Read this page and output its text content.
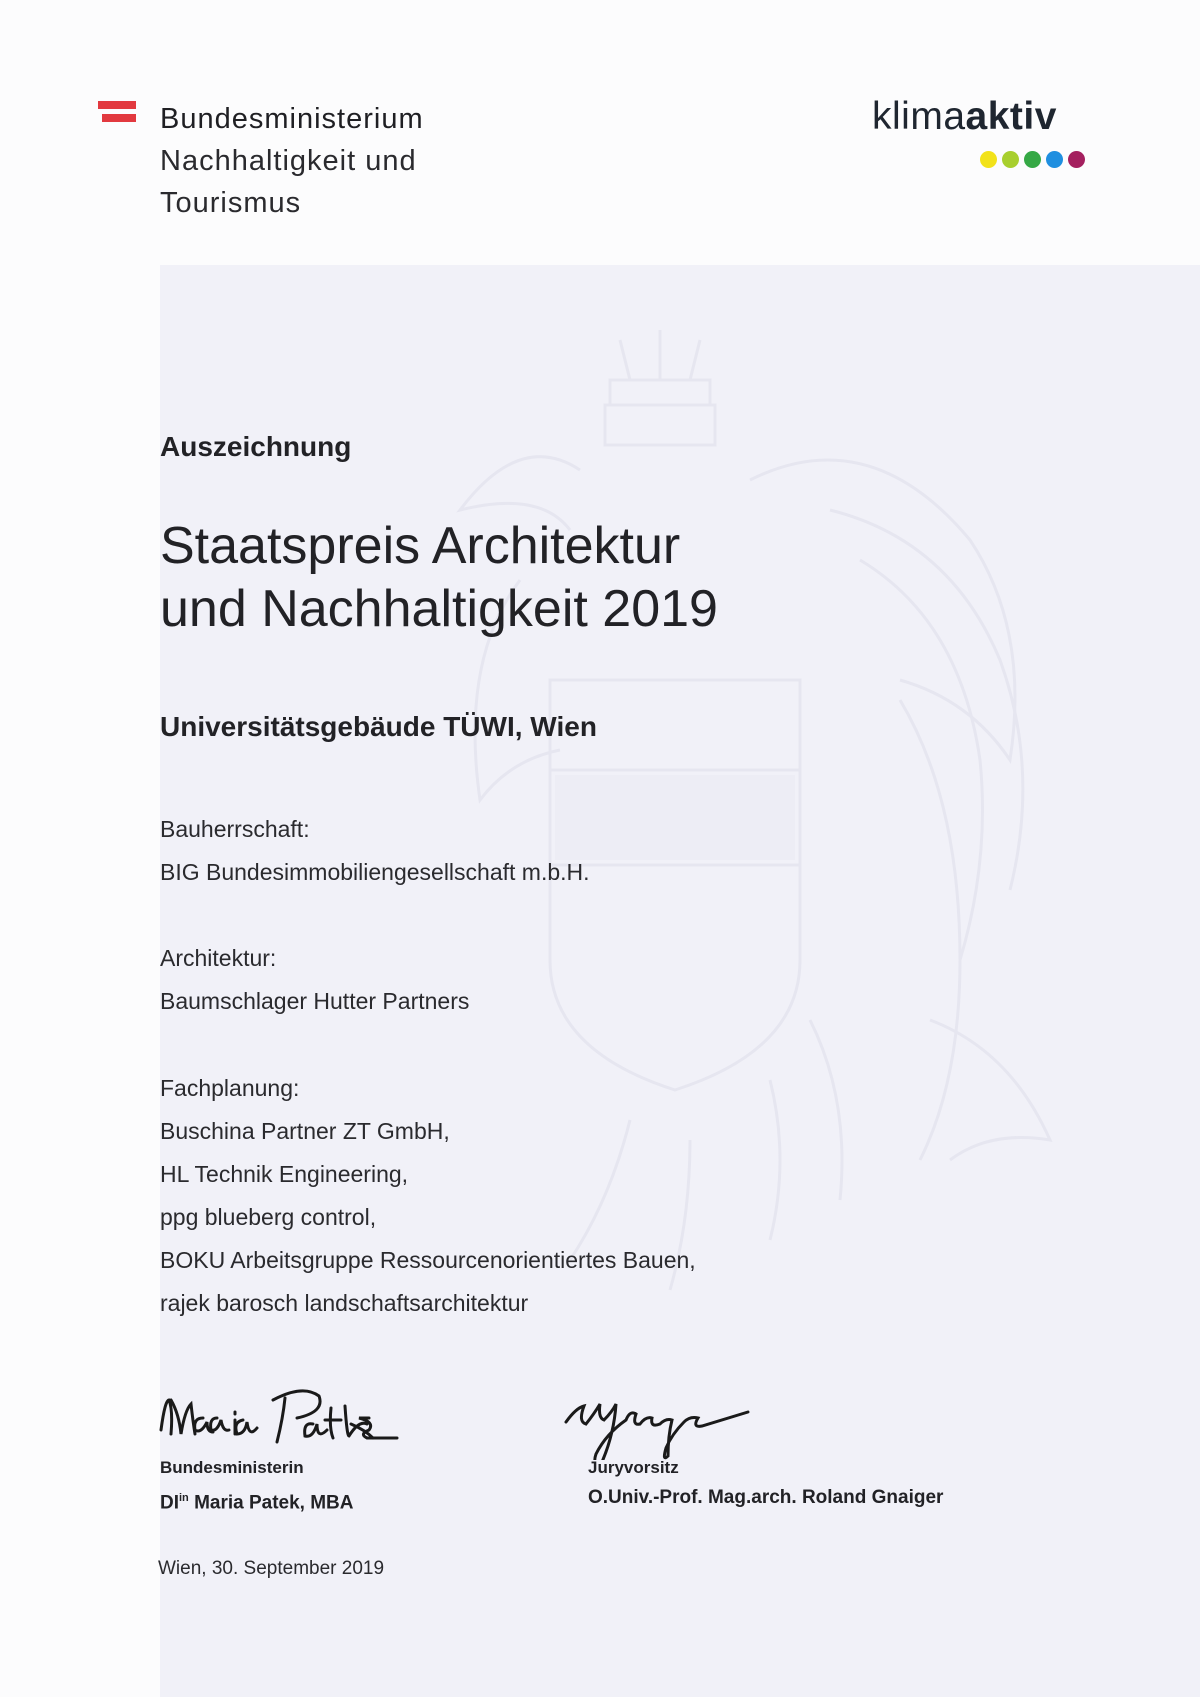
Bundesministerium
Nachhaltigkeit und
Tourismus
klimaaktiv
Auszeichnung
Staatspreis Architektur
und Nachhaltigkeit 2019
Universitätsgebäude TÜWI, Wien
Bauherrschaft:
BIG Bundesimmobiliengesellschaft m.b.H.
Architektur:
Baumschlager Hutter Partners
Fachplanung:
Buschina Partner ZT GmbH,
HL Technik Engineering,
ppg blueberg control,
BOKU Arbeitsgruppe Ressourcenorientiertes Bauen,
rajek barosch landschaftsarchitektur
Bundesministerin
$DI^{in}$ Maria Patek, MBA
Juryvorsitz
O.Univ.-Prof. Mag.arch. Roland Gnaiger
Wien, 30. September 2019
